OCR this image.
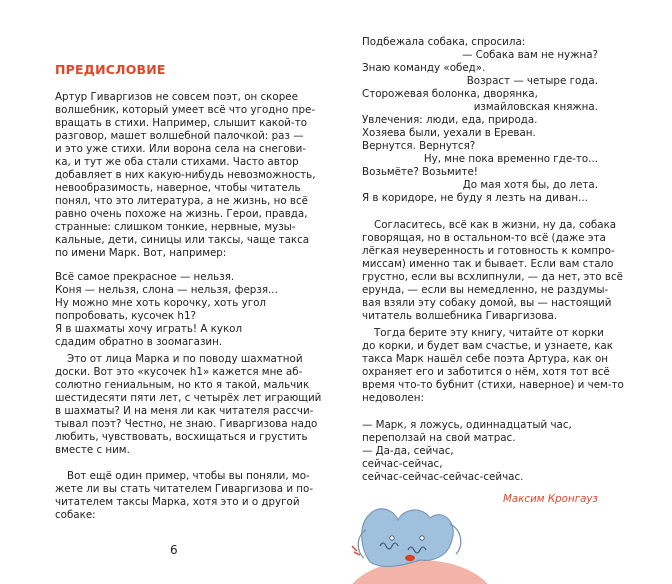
ПРЕДИСЛОВИЕ

Артур Гиваргизов не совсем поэт, он скорее

волшебник, который умеет всё что угодно пре-

вращать в стихи. Например, слышит какой-то

разговор, машет волшебной палочкой: раз —

и это уже стихи. Или ворона села на снегови-

ка, и тут же оба стали стихами. Часто автор

добавляет в них какую-нибудь невозможность,

невообразимость, наверное, чтобы читатель

понял, что это литература, а не жизнь, но всё

равно очень похоже на жизнь. Герои, правда,

странные: слишком тонкие, нервные, музы-

кальные, дети, синицы или таксы, чаще такса

по имени Марк. Вот, например:

Всё самое прекрасное — нельзя.

Коня — нельзя, слона — нельзя, ферзя...

Ну можно мне хоть корочку, хоть угол

попробовать, кусочек h1?

Я в шахматы хочу играть! А кукол

сдадим обратно в зоомагазин.

Это от лица Марка и по поводу шахматной

доски. Вот это «кусочек h1» кажется мне аб-

солютно гениальным, но кто я такой, мальчик

шестидесяти пяти лет, с четырёх лет играющий

в шахматы? И на меня ли как читателя рассчи-

тывал поэт? Честно, не знаю. Гиваргизова надо

любить, чувствовать, восхищаться и грустить

вместе с ним.

Вот ещё один пример, чтобы вы поняли, мо-

жете ли вы стать читателем Гиваргизова и по-

читателем таксы Марка, хотя это и о другой

собаке:

6

Подбежала собака, спросила:

— Собака вам не нужна?

Знаю команду «обед».

Возраст — четыре года.

Сторожевая болонка, дворянка,

измайловская княжна.

Увлечения: люди, еда, природа.

Хозяева были, уехали в Ереван.

Вернутся. Вернутся?

Ну, мне пока временно где-то...

Возьмёте? Возьмите!

До мая хотя бы, до лета.

Я в коридоре, не буду я лезть на диван...

Согласитесь, всё как в жизни, ну да, собака

говорящая, но в остальном-то всё (даже эта

лёгкая неуверенность и готовность к компро-

миссам) именно так и бывает. Если вам стало

грустно, если вы всхлипнули, — да нет, это всё

ерунда, — если вы немедленно, не раздумы-

вая взяли эту собаку домой, вы — настоящий

читатель волшебника Гиваргизова.

Тогда берите эту книгу, читайте от корки

до корки, и будет вам счастье, и узнаете, как

такса Марк нашёл себе поэта Артура, как он

охраняет его и заботится о нём, хотя тот всё

время что-то бубнит (стихи, наверное) и чем-то

недоволен:

— Марк, я ложусь, одиннадцатый час,

переползай на свой матрас.

— Да-да, сейчас,

сейчас-сейчас,

сейчас-сейчас-сейчас-сейчас.

Максим Кронгауз
